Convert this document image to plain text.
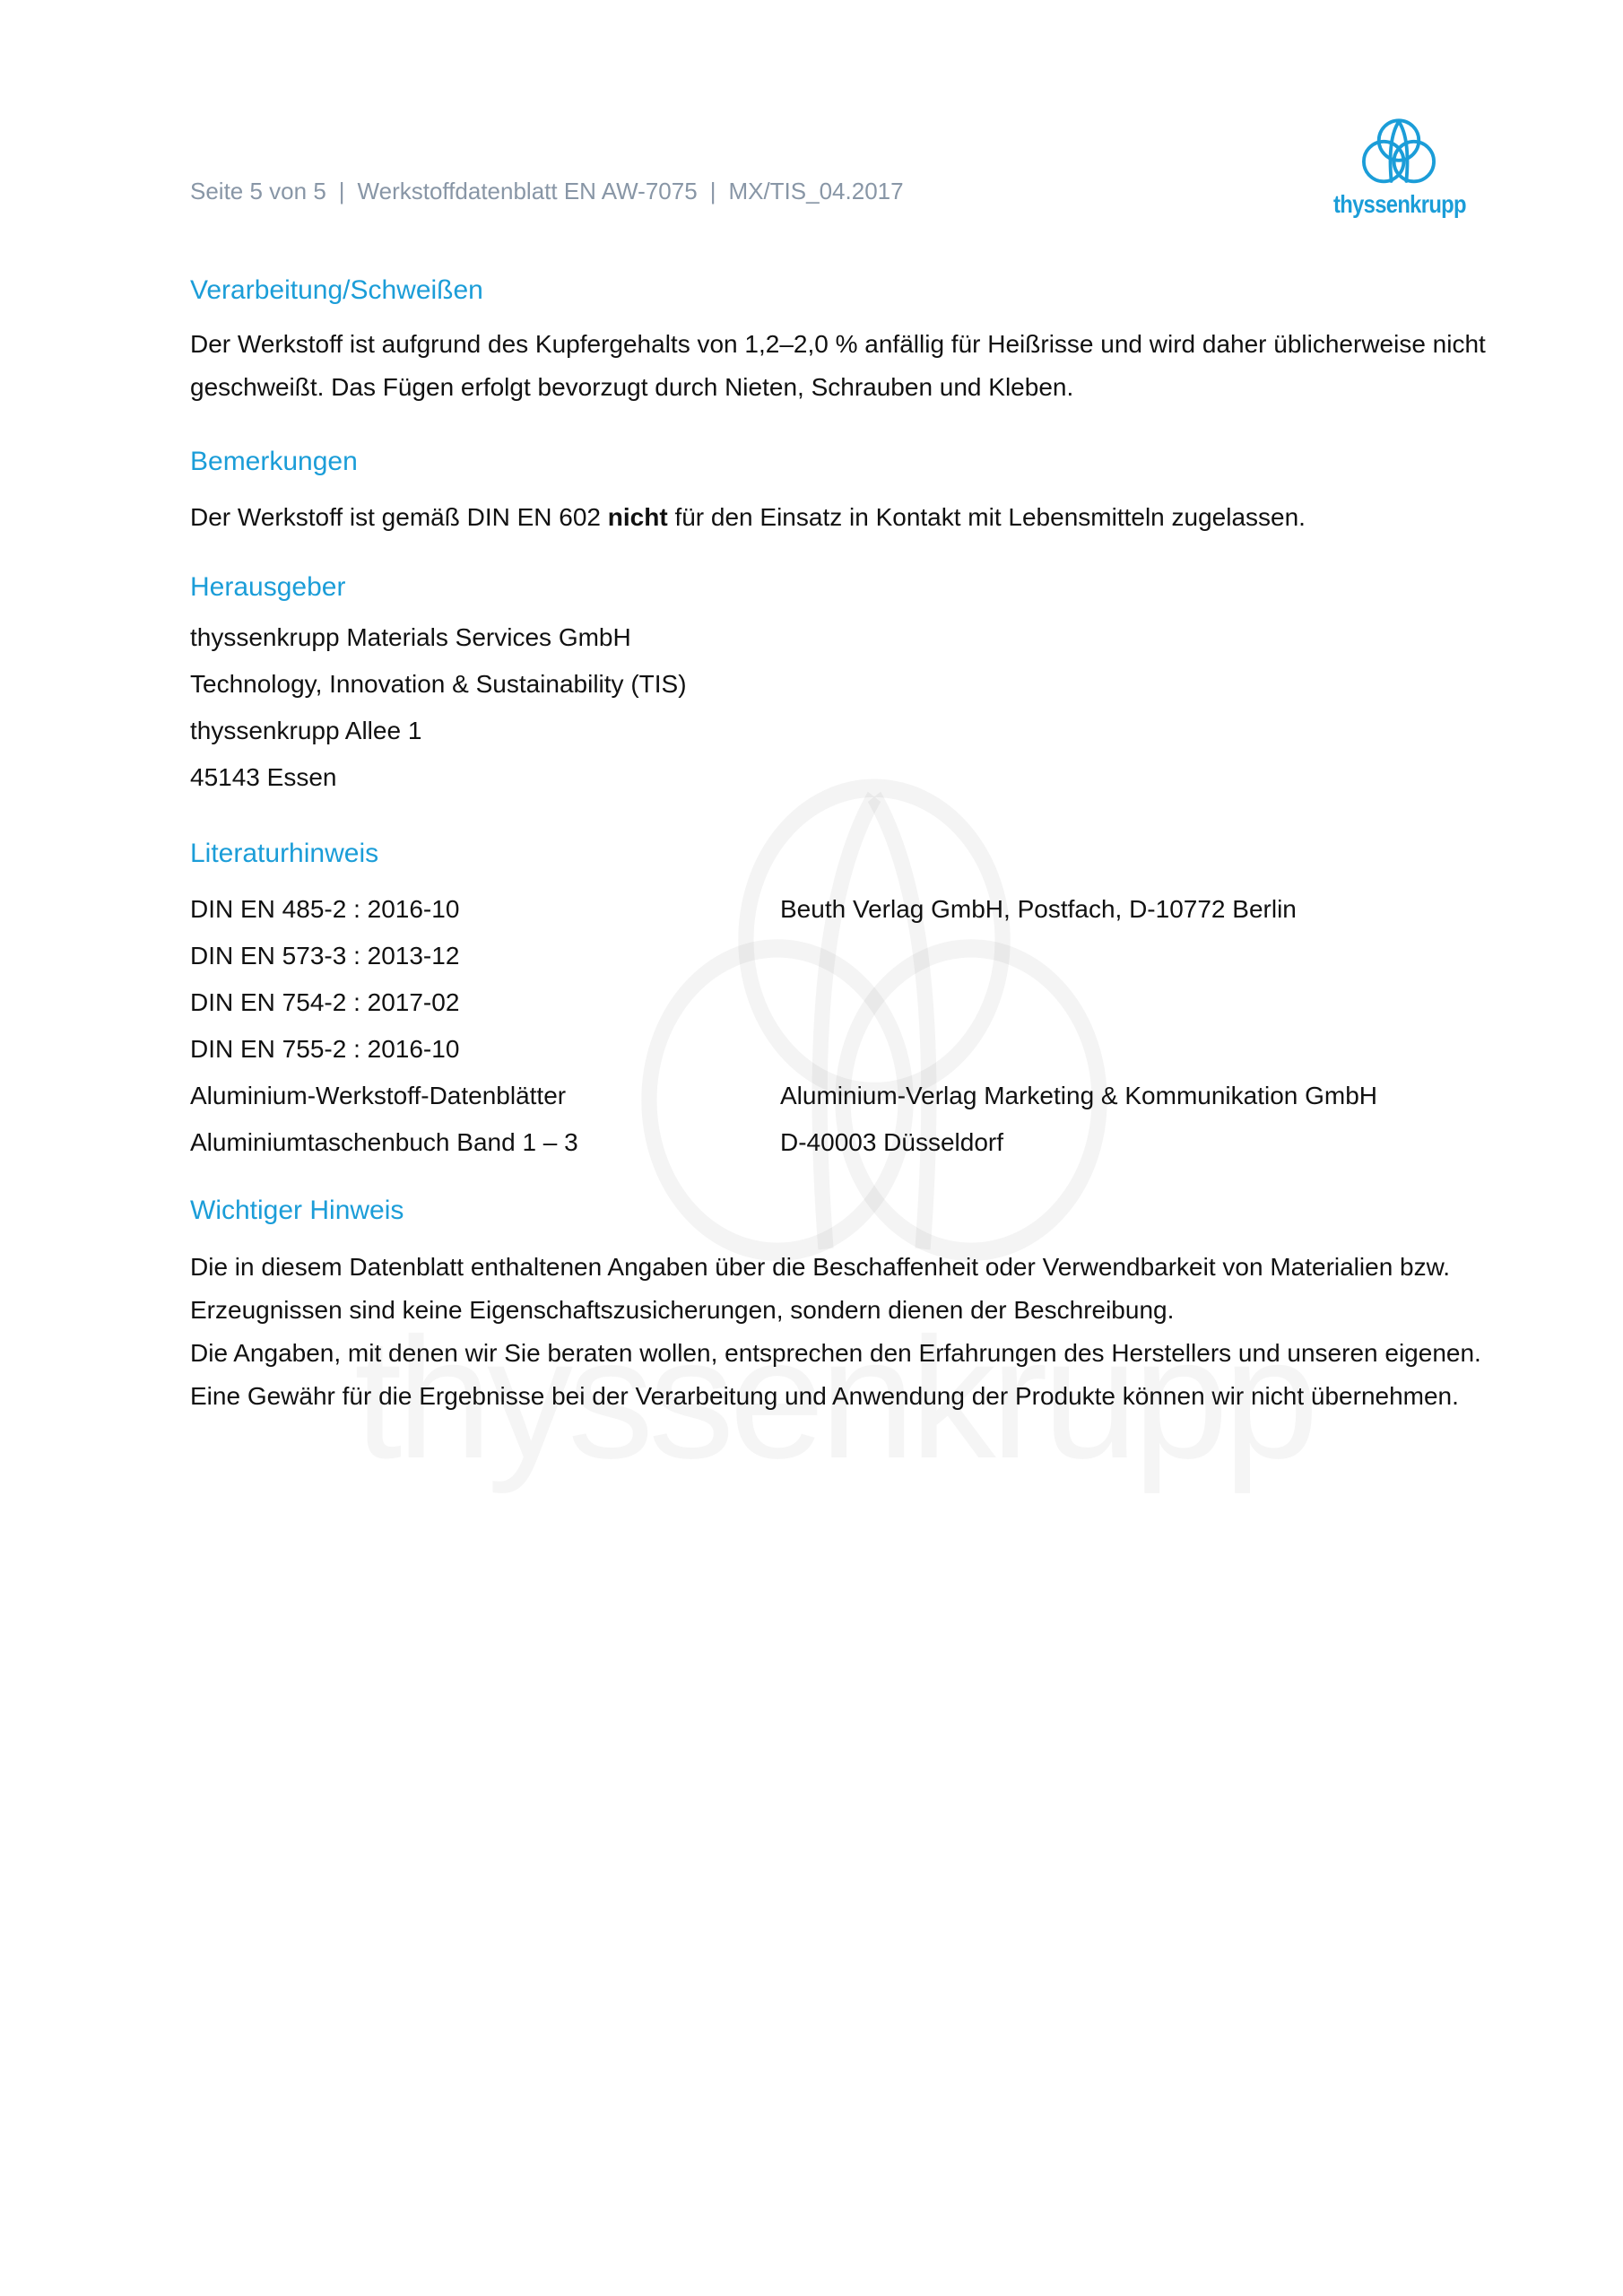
Seite 5 von 5 | Werkstoffdatenblatt EN AW-7075 | MX/TIS_04.2017	thyssenkrupp
Verarbeitung/Schweißen
Der Werkstoff ist aufgrund des Kupfergehalts von 1,2–2,0 % anfällig für Heißrisse und wird daher üblicherweise nicht
geschweißt. Das Fügen erfolgt bevorzugt durch Nieten, Schrauben und Kleben.
Bemerkungen
Der Werkstoff ist gemäß DIN EN 602 nicht für den Einsatz in Kontakt mit Lebensmitteln zugelassen.
Herausgeber
thyssenkrupp Materials Services GmbH
Technology, Innovation & Sustainability (TIS)
thyssenkrupp Allee 1
45143 Essen
Literaturhinweis
DIN EN 485-2 : 2016-10	Beuth Verlag GmbH, Postfach, D-10772 Berlin
DIN EN 573-3 : 2013-12
DIN EN 754-2 : 2017-02
DIN EN 755-2 : 2016-10
Aluminium-Werkstoff-Datenblätter	Aluminium-Verlag Marketing & Kommunikation GmbH
Aluminiumtaschenbuch Band 1 – 3	D-40003 Düsseldorf
Wichtiger Hinweis
Die in diesem Datenblatt enthaltenen Angaben über die Beschaffenheit oder Verwendbarkeit von Materialien bzw.
Erzeugnissen sind keine Eigenschaftszusicherungen, sondern dienen der Beschreibung.
Die Angaben, mit denen wir Sie beraten wollen, entsprechen den Erfahrungen des Herstellers und unseren eigenen.
Eine Gewähr für die Ergebnisse bei der Verarbeitung und Anwendung der Produkte können wir nicht übernehmen.
